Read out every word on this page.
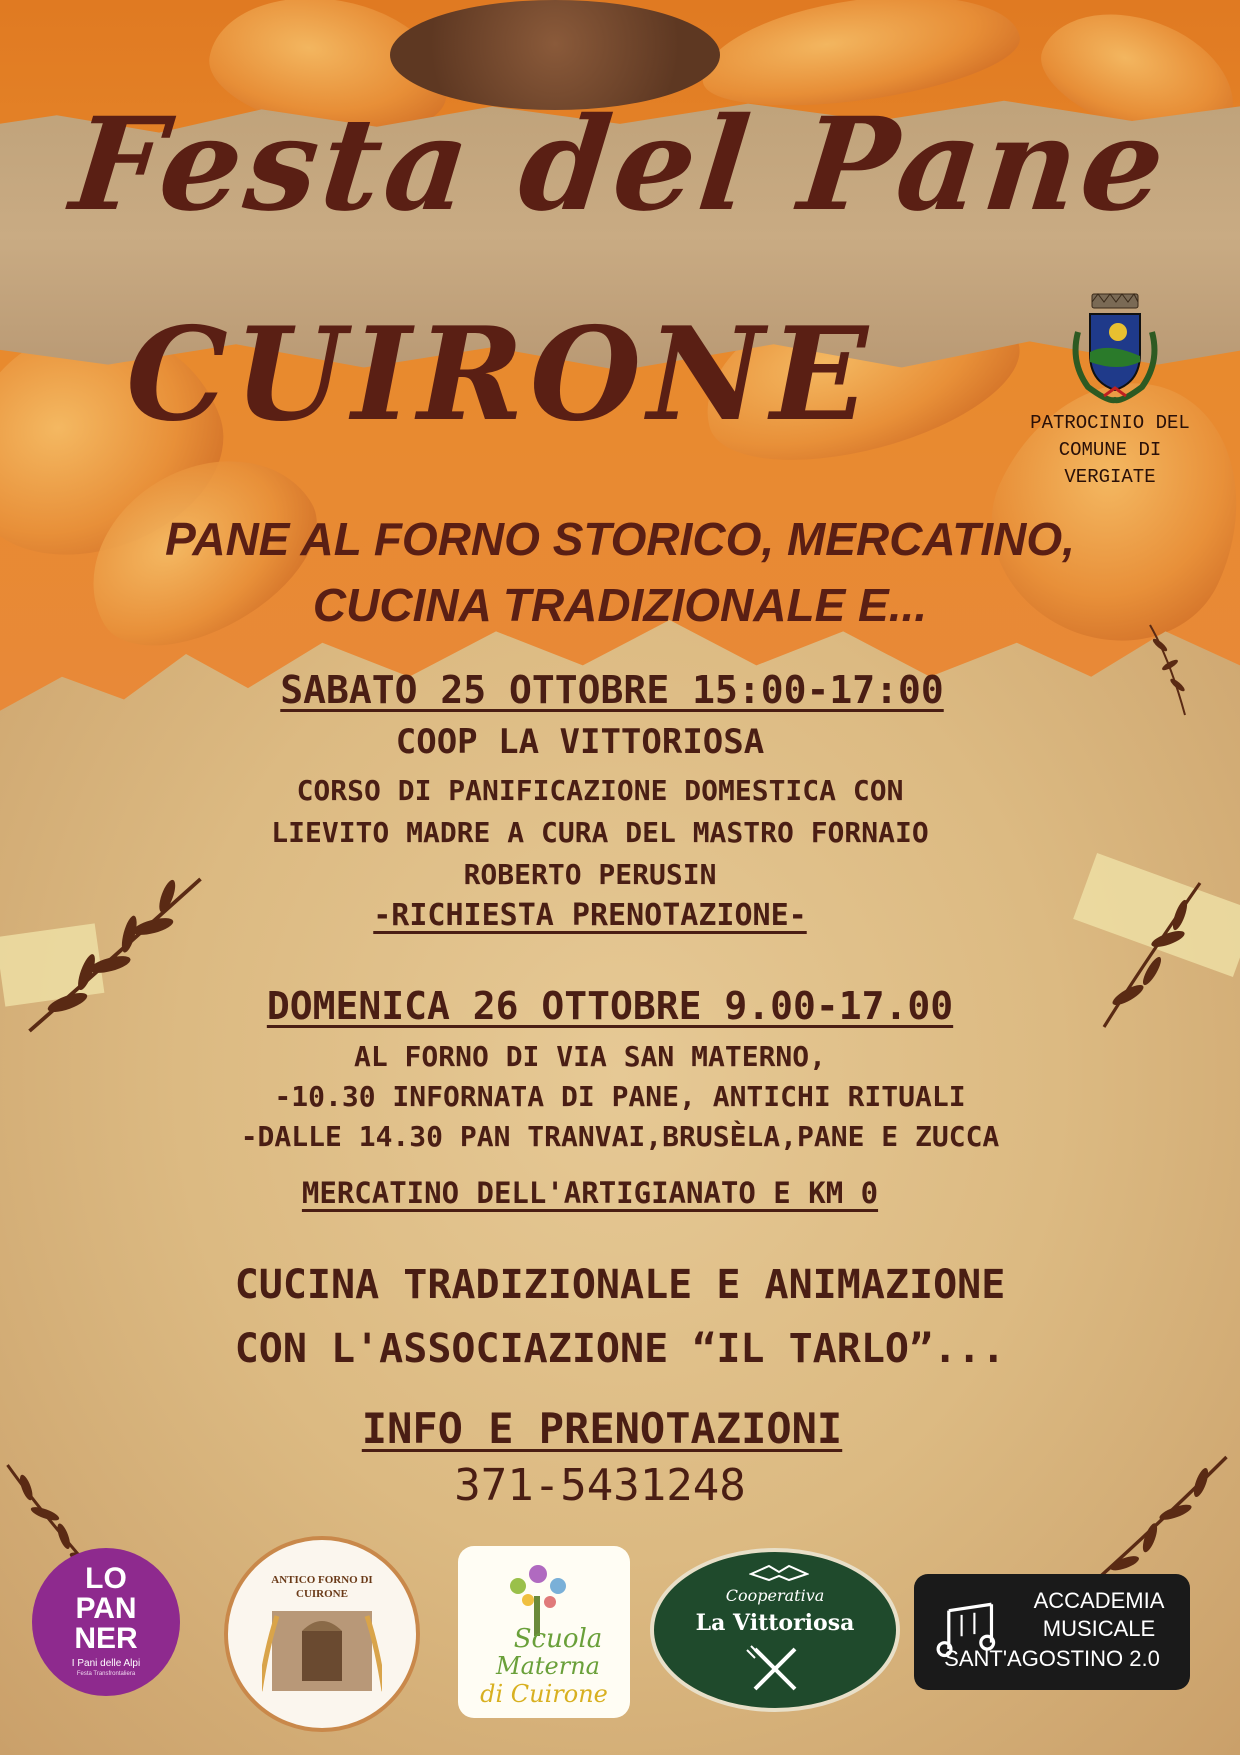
Festa del Pane
CUIRONE
PANE AL FORNO STORICO, MERCATINO,
CUCINA TRADIZIONALE E...
PATROCINIO DEL
COMUNE DI
VERGIATE
SABATO 25 OTTOBRE 15:00-17:00
COOP LA VITTORIOSA
CORSO DI PANIFICAZIONE DOMESTICA CON
LIEVITO MADRE A CURA DEL MASTRO FORNAIO
ROBERTO PERUSIN
-RICHIESTA PRENOTAZIONE-
DOMENICA 26 OTTOBRE 9.00-17.00
AL FORNO DI VIA SAN MATERNO,
-10.30 INFORNATA DI PANE, ANTICHI RITUALI
-DALLE 14.30 PAN TRANVAI,BRUSÈLA,PANE E ZUCCA
MERCATINO DELL'ARTIGIANATO E KM 0
CUCINA TRADIZIONALE E ANIMAZIONE
CON L'ASSOCIAZIONE “IL TARLO”...
INFO E PRENOTAZIONI
371-5431248
LO
PAN
NER
I Pani delle Alpi
Festa Transfrontaliera
ANTICO FORNO DI
CUIRONE
Scuola
Materna
di Cuirone
Cooperativa
La Vittoriosa
ACCADEMIA
MUSICALE
SANT'AGOSTINO 2.0
